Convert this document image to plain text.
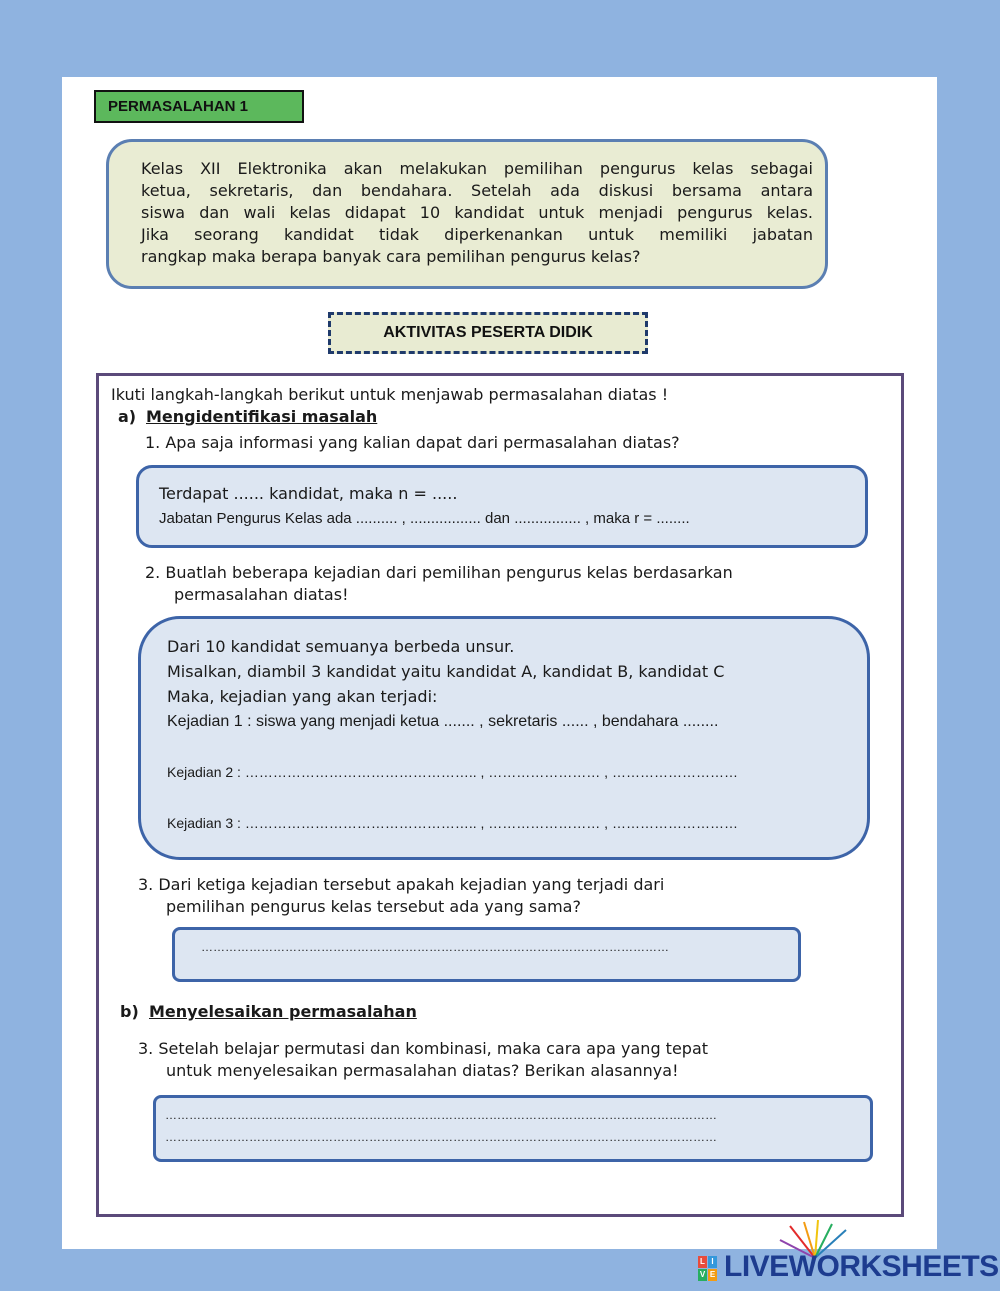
PERMASALAHAN 1
Kelas XII Elektronika akan melakukan pemilihan pengurus kelas sebagai
ketua, sekretaris, dan bendahara. Setelah ada diskusi bersama antara
siswa dan wali kelas didapat 10 kandidat untuk menjadi pengurus kelas.
Jika seorang kandidat tidak diperkenankan untuk memiliki jabatan
rangkap maka berapa banyak cara pemilihan pengurus kelas?
AKTIVITAS PESERTA DIDIK
Ikuti langkah-langkah berikut untuk menjawab permasalahan diatas !
a) Mengidentifikasi masalah
1. Apa saja informasi yang kalian dapat dari permasalahan diatas?
Terdapat ...... kandidat, maka n = .....
Jabatan Pengurus Kelas ada .......... , ................. dan ................ , maka r = ........
2. Buatlah beberapa kejadian dari pemilihan pengurus kelas berdasarkan
permasalahan diatas!
Dari 10 kandidat semuanya berbeda unsur.
Misalkan, diambil 3 kandidat yaitu kandidat A, kandidat B, kandidat C
Maka, kejadian yang akan terjadi:
Kejadian 1 : siswa yang menjadi ketua ....... , sekretaris ...... , bendahara ........
Kejadian 2 : ………………………………………….. , …………………… , ………………………
Kejadian 3 : ………………………………………….. , …………………… , ………………………
3. Dari ketiga kejadian tersebut apakah kejadian yang terjadi dari
pemilihan pengurus kelas tersebut ada yang sama?
………………………………………………………………………………………………………
b) Menyelesaikan permasalahan
3. Setelah belajar permutasi dan kombinasi, maka cara apa yang tepat
untuk menyelesaikan permasalahan diatas? Berikan alasannya!
…………………………………………………………………………………………………………………………
…………………………………………………………………………………………………………………………
L I
V E LIVEWORKSHEETS
